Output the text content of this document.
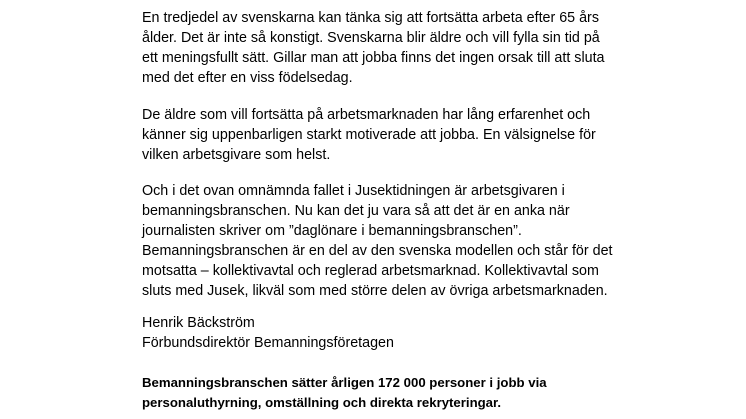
En tredjedel av svenskarna kan tänka sig att fortsätta arbeta efter 65 års
ålder. Det är inte så konstigt. Svenskarna blir äldre och vill fylla sin tid på
ett meningsfullt sätt. Gillar man att jobba finns det ingen orsak till att sluta
med det efter en viss födelsedag.
De äldre som vill fortsätta på arbetsmarknaden har lång erfarenhet och
känner sig uppenbarligen starkt motiverade att jobba. En välsignelse för
vilken arbetsgivare som helst.
Och i det ovan omnämnda fallet i Jusektidningen är arbetsgivaren i
bemanningsbranschen. Nu kan det ju vara så att det är en anka när
journalisten skriver om ”daglönare i bemanningsbranschen”.
Bemanningsbranschen är en del av den svenska modellen och står för det
motsatta – kollektivavtal och reglerad arbetsmarknad. Kollektivavtal som
sluts med Jusek, likväl som med större delen av övriga arbetsmarknaden.
Henrik Bäckström
Förbundsdirektör Bemanningsföretagen
Bemanningsbranschen sätter årligen 172 000 personer i jobb via
personaluthyrning, omställning och direkta rekryteringar.
